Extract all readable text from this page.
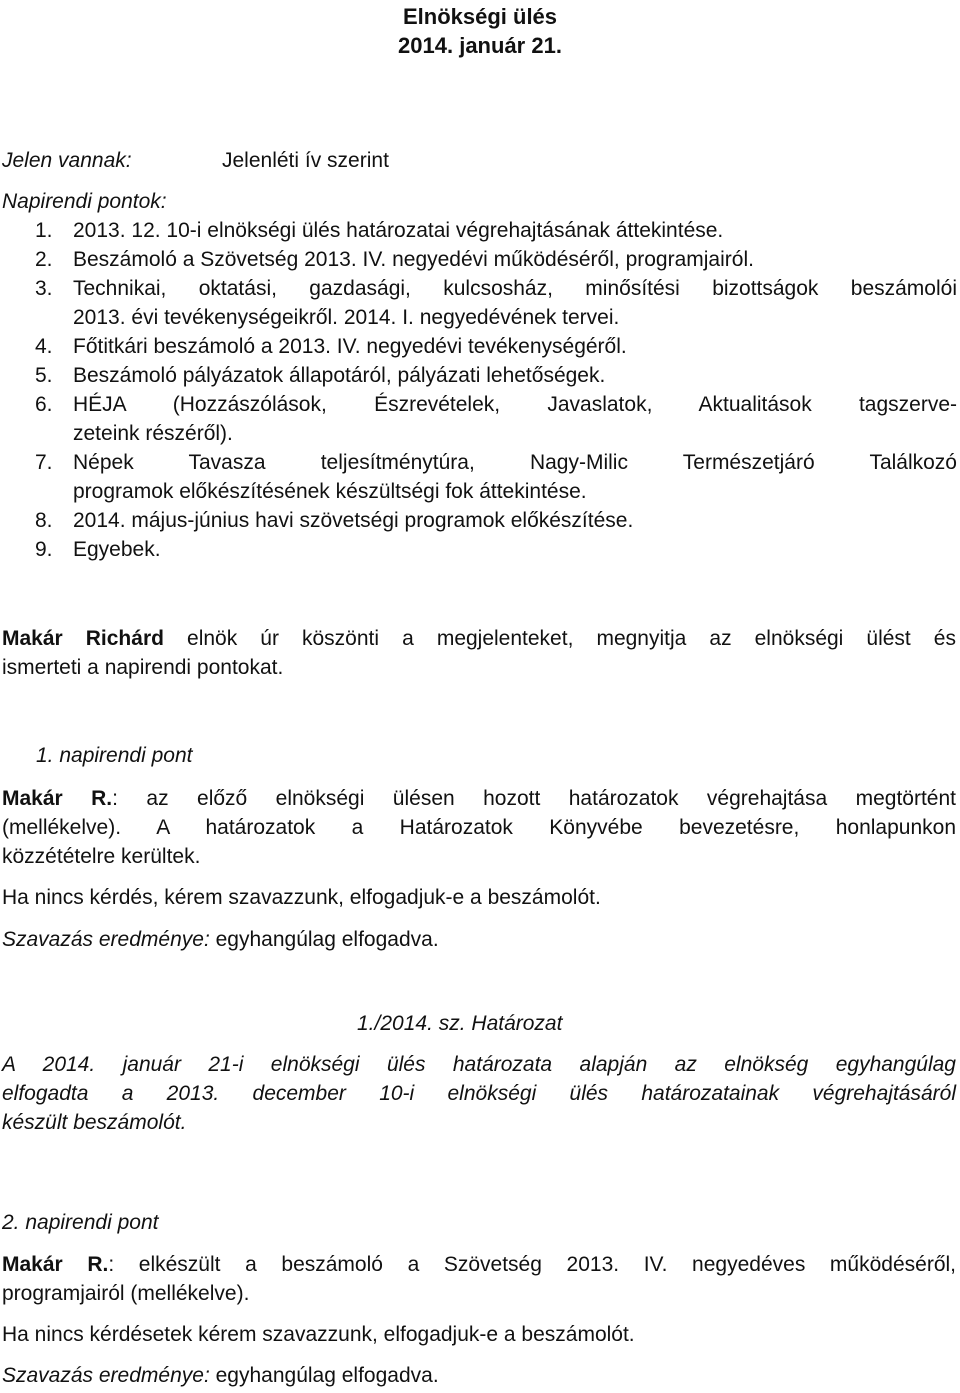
Elnökségi ülés
2014. január 21.
Jelen vannak:	Jelenléti ív szerint
Napirendi pontok:
1. 2013. 12. 10-i elnökségi ülés határozatai végrehajtásának áttekintése.
2. Beszámoló a Szövetség 2013. IV. negyedévi működéséről, programjairól.
3. Technikai, oktatási, gazdasági, kulcsosház, minősítési bizottságok beszámolói
2013. évi tevékenységeikről. 2014. I. negyedévének tervei.
4. Főtitkári beszámoló a 2013. IV. negyedévi tevékenységéről.
5. Beszámoló pályázatok állapotáról, pályázati lehetőségek.
6. HÉJA (Hozzászólások, Észrevételek, Javaslatok, Aktualitások tagszerve-
zeteink részéről).
7. Népek Tavasza teljesítménytúra, Nagy-Milic Természetjáró Találkozó
programok előkészítésének készültségi fok áttekintése.
8. 2014. május-június havi szövetségi programok előkészítése.
9. Egyebek.
Makár Richárd elnök úr köszönti a megjelenteket, megnyitja az elnökségi ülést és
ismerteti a napirendi pontokat.
1. napirendi pont
Makár R.: az előző elnökségi ülésen hozott határozatok végrehajtása megtörtént
(mellékelve). A határozatok a Határozatok Könyvébe bevezetésre, honlapunkon
közzétételre kerültek.
Ha nincs kérdés, kérem szavazzunk, elfogadjuk-e a beszámolót.
Szavazás eredménye: egyhangúlag elfogadva.
1./2014. sz. Határozat
A 2014. január 21-i elnökségi ülés határozata alapján az elnökség egyhangúlag
elfogadta a 2013. december 10-i elnökségi ülés határozatainak végrehajtásáról
készült beszámolót.
2. napirendi pont
Makár R.: elkészült a beszámoló a Szövetség 2013. IV. negyedéves működéséről,
programjairól (mellékelve).
Ha nincs kérdésetek kérem szavazzunk, elfogadjuk-e a beszámolót.
Szavazás eredménye: egyhangúlag elfogadva.
